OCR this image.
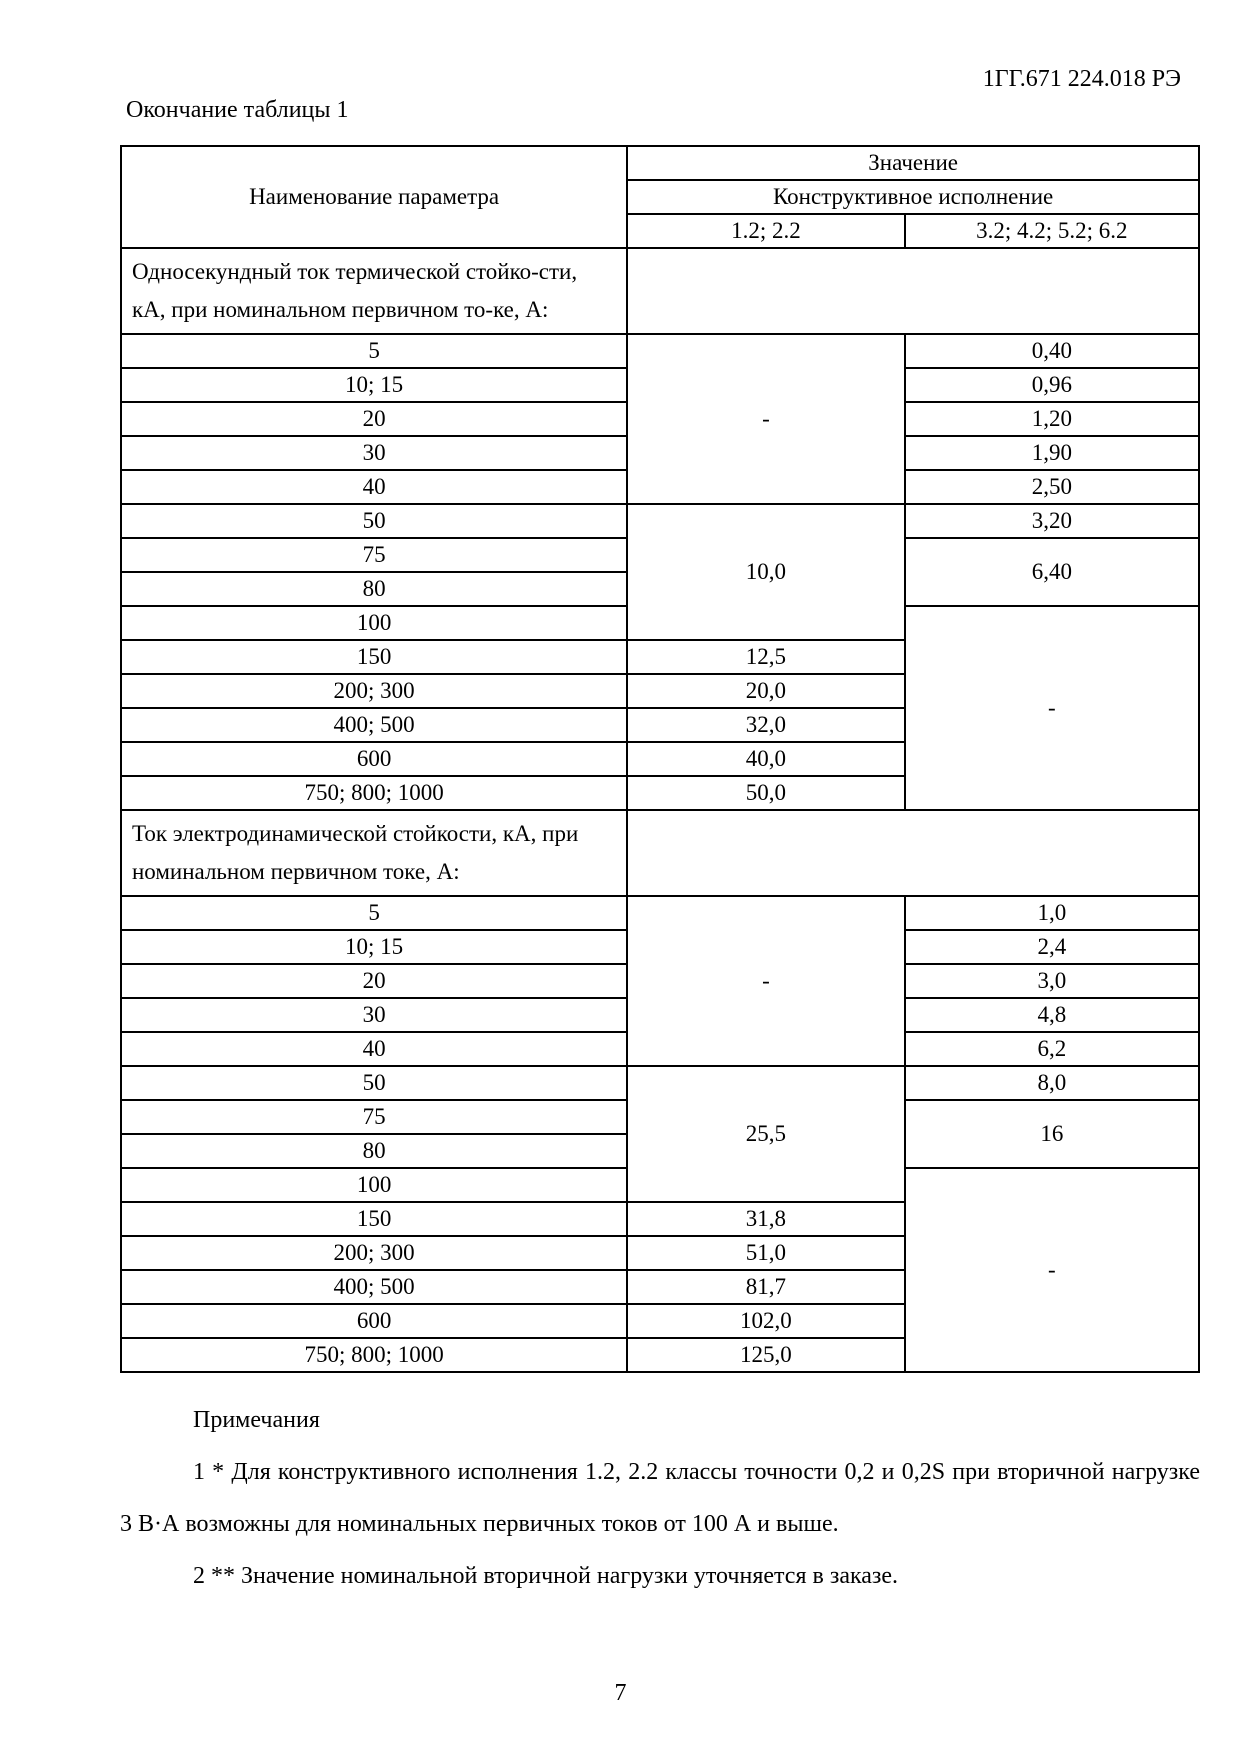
1ГГ.671 224.018 РЭ
Окончание таблицы 1
Наименование параметра	Значение	
	Конструктивное исполнение	
	1.2; 2.2	3.2; 4.2; 5.2; 6.2
Односекундный ток термической стойко-сти, кА, при номинальном первичном то-ке, А:		
5	-	0,40
10; 15		0,96
20		1,20
30		1,90
40		2,50
50	10,0	3,20
75		6,40
80		
100		-
150	12,5	
200; 300	20,0	
400; 500	32,0	
600	40,0	
750; 800; 1000	50,0	
Ток электродинамической стойкости, кА, при номинальном первичном токе, А:		
5	-	1,0
10; 15		2,4
20		3,0
30		4,8
40		6,2
50	25,5	8,0
75		16
80		
100		-
150	31,8	
200; 300	51,0	
400; 500	81,7	
600	102,0	
750; 800; 1000	125,0	

Примечания

1 * Для конструктивного исполнения 1.2, 2.2 классы точности 0,2 и 0,2S при вторичной нагрузке 3 В·А возможны для номинальных первичных токов от 100 А и выше.

2 ** Значение номинальной вторичной нагрузки уточняется в заказе.

7
